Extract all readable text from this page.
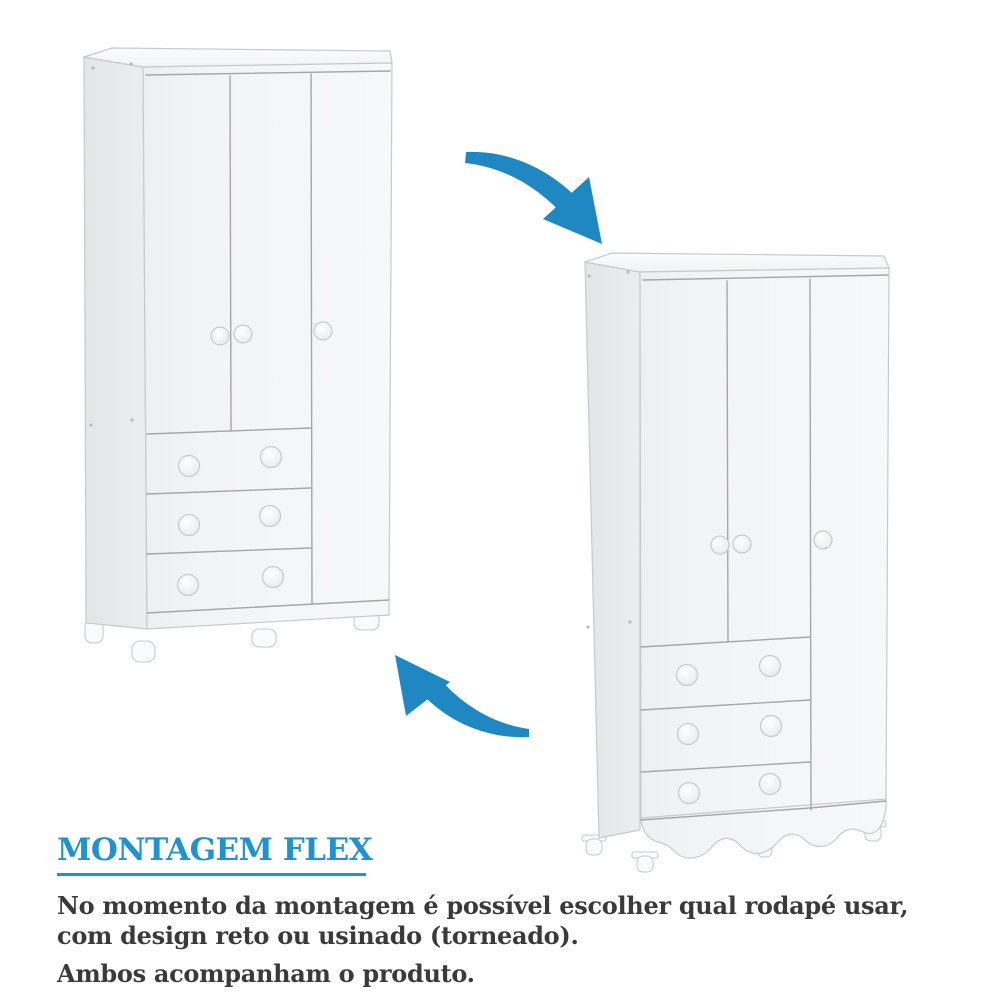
MONTAGEM FLEX

No momento da montagem é possível escolher qual rodapé usar,

com design reto ou usinado (torneado).

Ambos acompanham o produto.
